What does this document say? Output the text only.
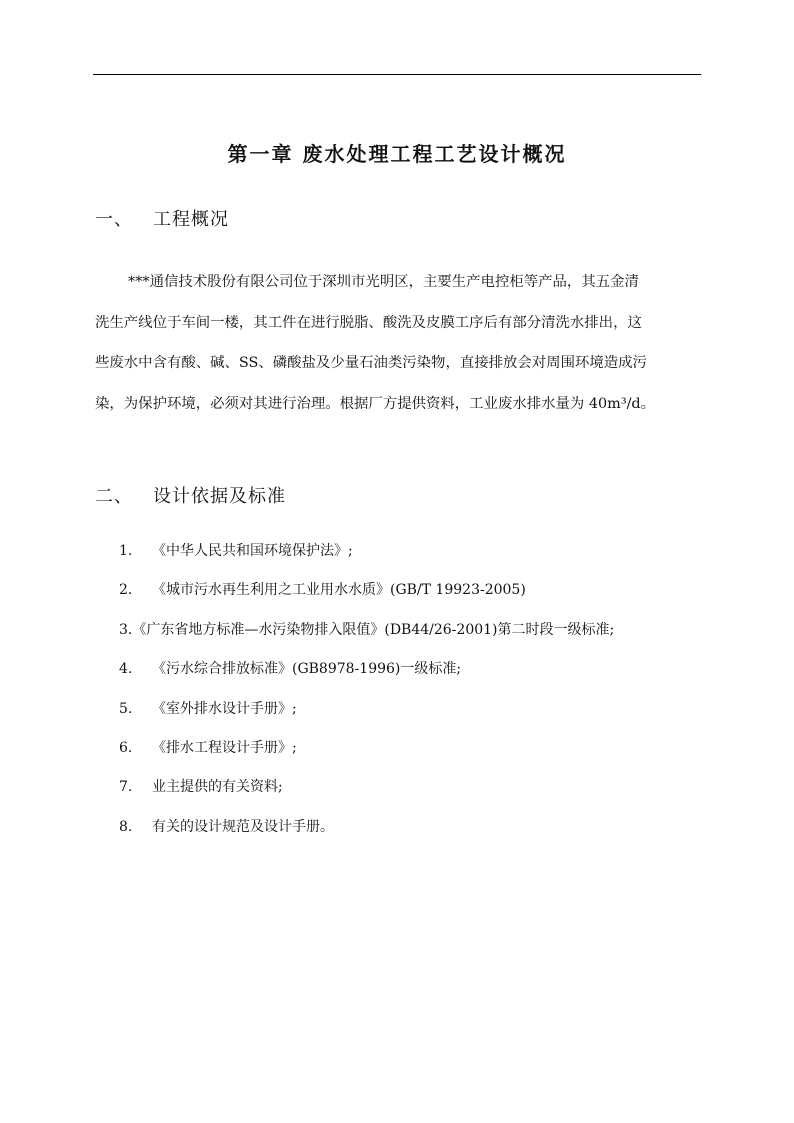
第一章 废水处理工程工艺设计概况
一、 工程概况
***通信技术股份有限公司位于深圳市光明区，主要生产电控柜等产品，其五金清
洗生产线位于车间一楼，其工件在进行脱脂、酸洗及皮膜工序后有部分清洗水排出，这
些废水中含有酸、碱、SS、磷酸盐及少量石油类污染物，直接排放会对周围环境造成污
染，为保护环境，必须对其进行治理。根据厂方提供资料，工业废水排水量为 40m³/d。
二、 设计依据及标准
1. 《中华人民共和国环境保护法》;
2. 《城市污水再生利用之工业用水水质》(GB/T 19923-2005)
3.《广东省地方标准—水污染物排入限值》(DB44/26-2001)第二时段一级标准;
4. 《污水综合排放标准》(GB8978-1996)一级标准;
5. 《室外排水设计手册》;
6. 《排水工程设计手册》;
7. 业主提供的有关资料;
8. 有关的设计规范及设计手册。
